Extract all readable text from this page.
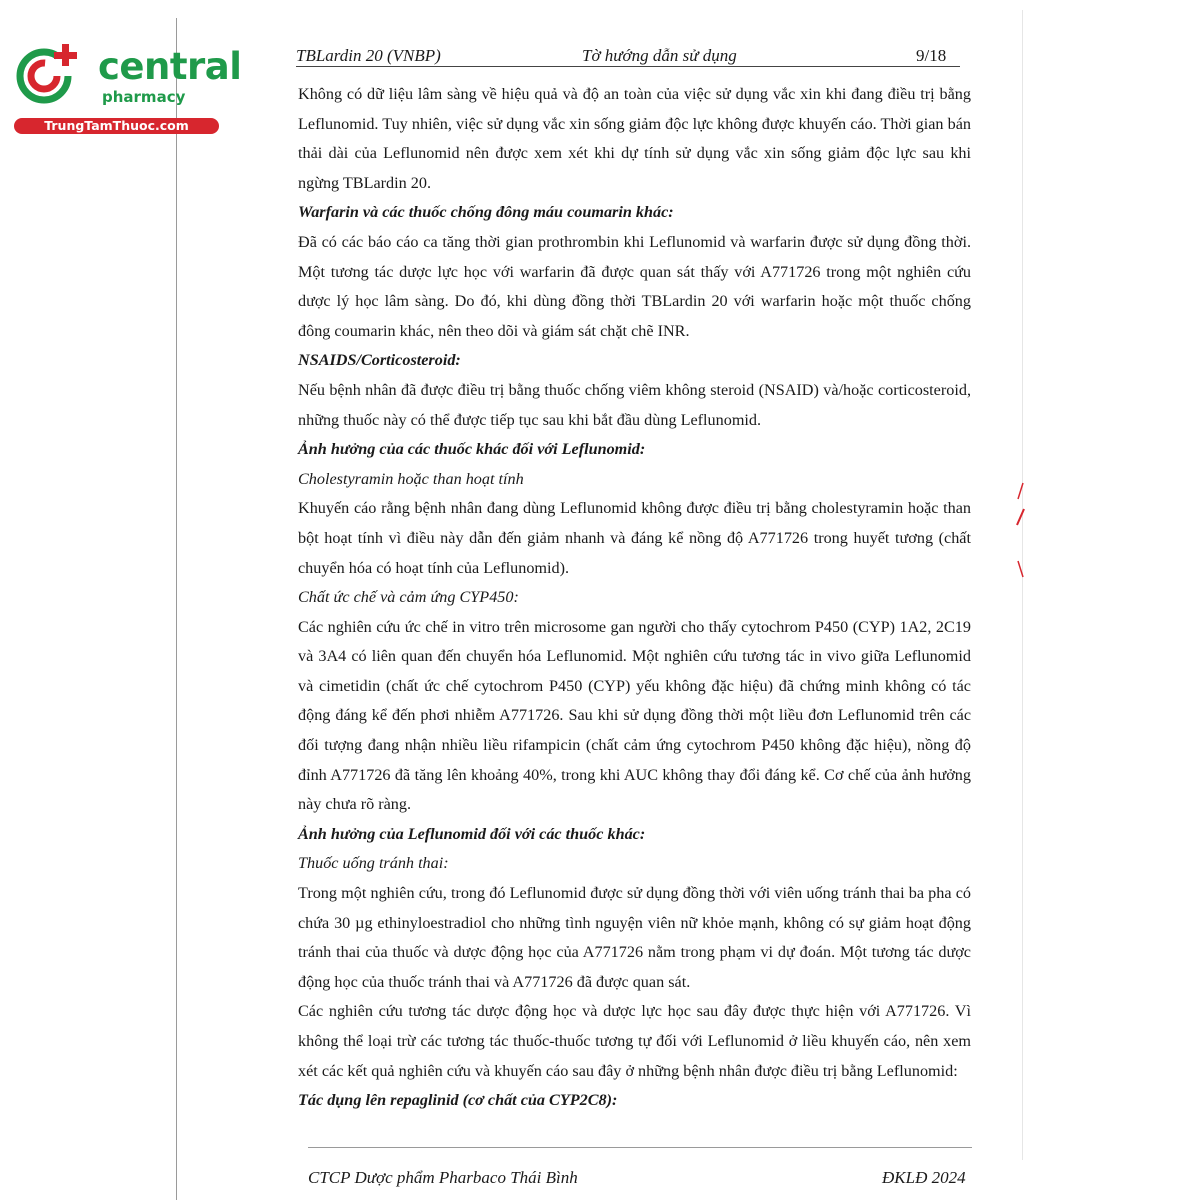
central
pharmacy
TrungTamThuoc.com
TBLardin 20 (VNBP)	Tờ hướng dẫn sử dụng	9/18

Không có dữ liệu lâm sàng về hiệu quả và độ an toàn của việc sử dụng vắc xin khi đang điều trị bằng Leflunomid. Tuy nhiên, việc sử dụng vắc xin sống giảm độc lực không được khuyến cáo. Thời gian bán thải dài của Leflunomid nên được xem xét khi dự tính sử dụng vắc xin sống giảm độc lực sau khi ngừng TBLardin 20.

Warfarin và các thuốc chống đông máu coumarin khác:

Đã có các báo cáo ca tăng thời gian prothrombin khi Leflunomid và warfarin được sử dụng đồng thời. Một tương tác dược lực học với warfarin đã được quan sát thấy với A771726 trong một nghiên cứu dược lý học lâm sàng. Do đó, khi dùng đồng thời TBLardin 20 với warfarin hoặc một thuốc chống đông coumarin khác, nên theo dõi và giám sát chặt chẽ INR.

NSAIDS/Corticosteroid:

Nếu bệnh nhân đã được điều trị bằng thuốc chống viêm không steroid (NSAID) và/hoặc corticosteroid, những thuốc này có thể được tiếp tục sau khi bắt đầu dùng Leflunomid.

Ảnh hưởng của các thuốc khác đối với Leflunomid:

Cholestyramin hoặc than hoạt tính

Khuyến cáo rằng bệnh nhân đang dùng Leflunomid không được điều trị bằng cholestyramin hoặc than bột hoạt tính vì điều này dẫn đến giảm nhanh và đáng kể nồng độ A771726 trong huyết tương (chất chuyển hóa có hoạt tính của Leflunomid).

Chất ức chế và cảm ứng CYP450:

Các nghiên cứu ức chế in vitro trên microsome gan người cho thấy cytochrom P450 (CYP) 1A2, 2C19 và 3A4 có liên quan đến chuyển hóa Leflunomid. Một nghiên cứu tương tác in vivo giữa Leflunomid và cimetidin (chất ức chế cytochrom P450 (CYP) yếu không đặc hiệu) đã chứng minh không có tác động đáng kể đến phơi nhiễm A771726. Sau khi sử dụng đồng thời một liều đơn Leflunomid trên các đối tượng đang nhận nhiều liều rifampicin (chất cảm ứng cytochrom P450 không đặc hiệu), nồng độ đỉnh A771726 đã tăng lên khoảng 40%, trong khi AUC không thay đổi đáng kể. Cơ chế của ảnh hưởng này chưa rõ ràng.

Ảnh hưởng của Leflunomid đối với các thuốc khác:

Thuốc uống tránh thai:

Trong một nghiên cứu, trong đó Leflunomid được sử dụng đồng thời với viên uống tránh thai ba pha có chứa 30 µg ethinyloestradiol cho những tình nguyện viên nữ khỏe mạnh, không có sự giảm hoạt động tránh thai của thuốc và dược động học của A771726 nằm trong phạm vi dự đoán. Một tương tác dược động học của thuốc tránh thai và A771726 đã được quan sát.

Các nghiên cứu tương tác dược động học và dược lực học sau đây được thực hiện với A771726. Vì không thể loại trừ các tương tác thuốc-thuốc tương tự đối với Leflunomid ở liều khuyến cáo, nên xem xét các kết quả nghiên cứu và khuyến cáo sau đây ở những bệnh nhân được điều trị bằng Leflunomid:

Tác dụng lên repaglinid (cơ chất của CYP2C8):

CTCP Dược phẩm Pharbaco Thái Bình	ĐKLĐ 2024
